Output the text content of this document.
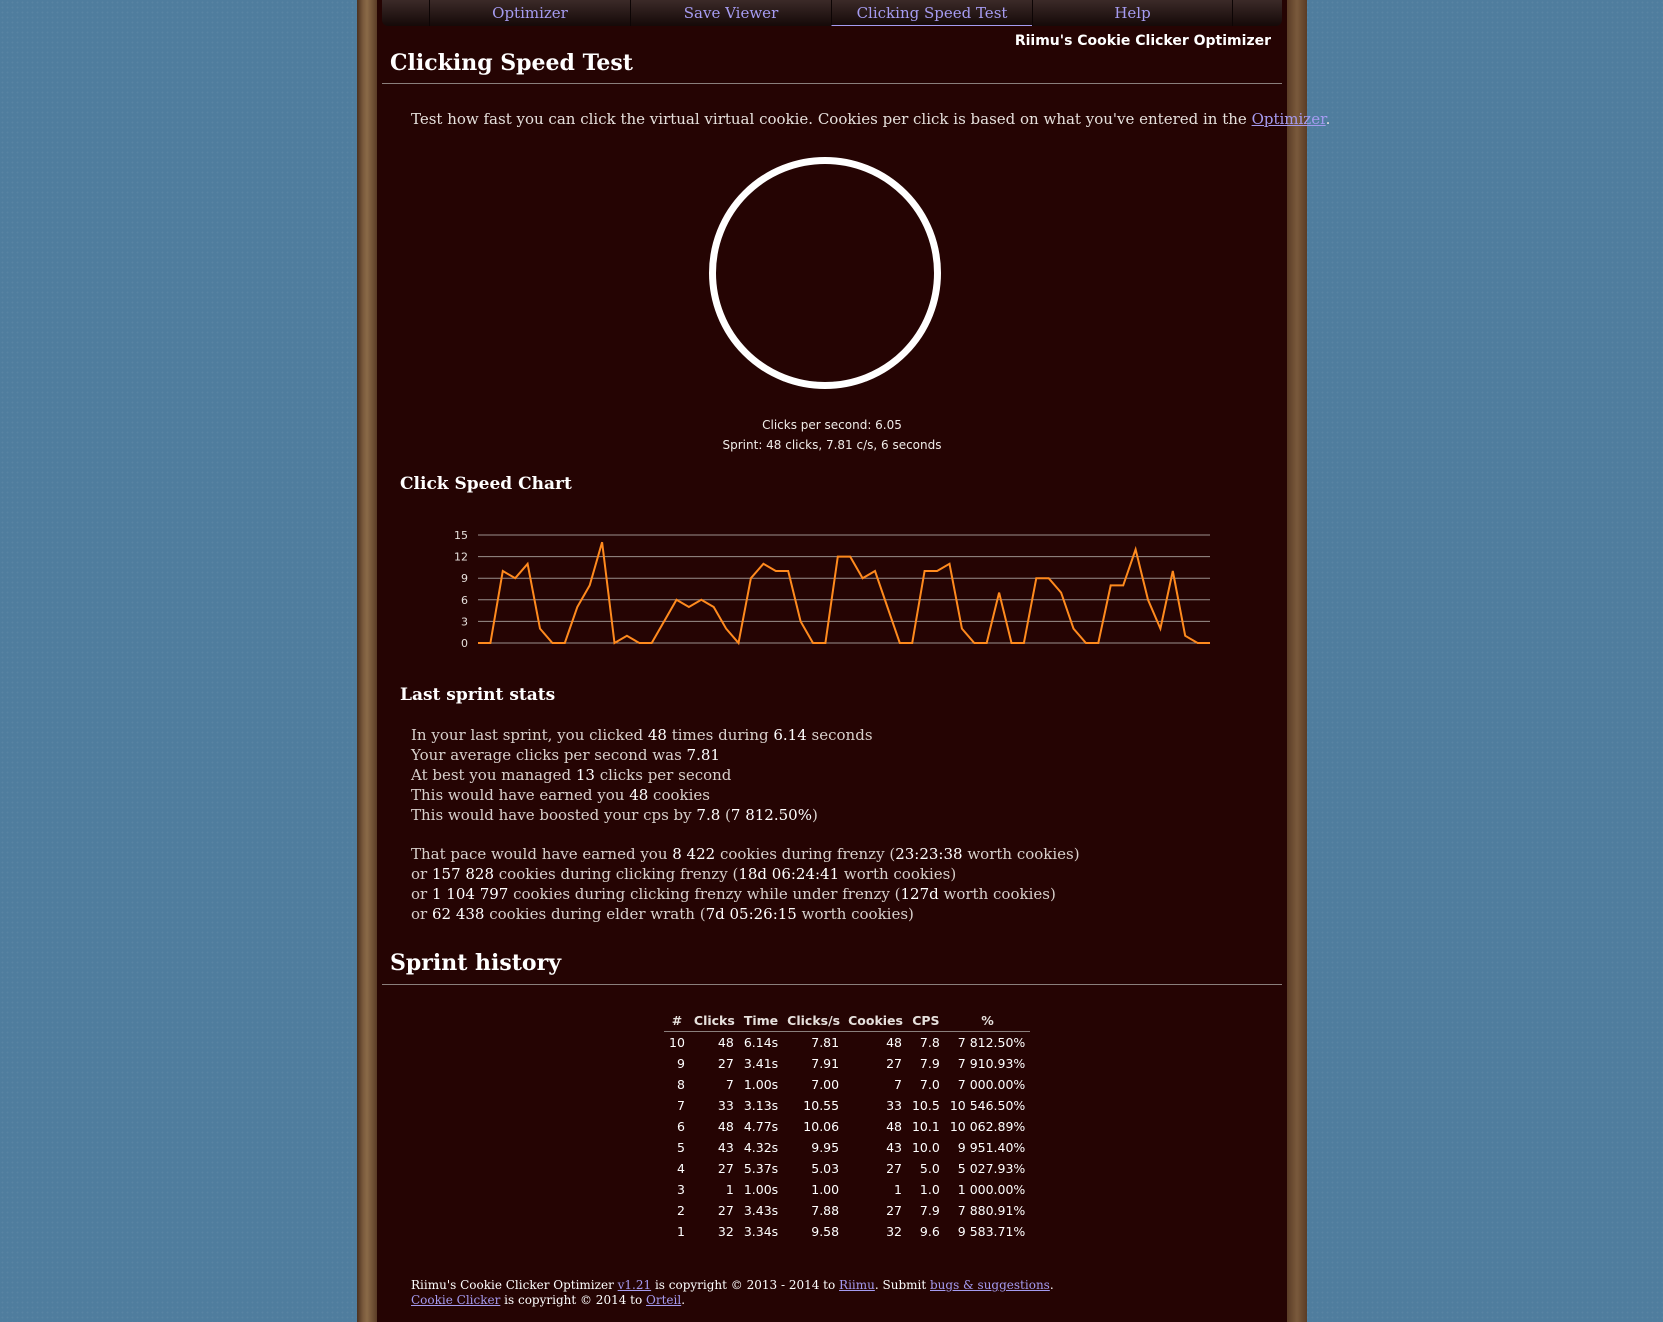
Optimizer	Save Viewer	Clicking Speed Test	Help
Riimu's Cookie Clicker Optimizer
Clicking Speed Test
Test how fast you can click the virtual virtual cookie. Cookies per click is based on what you've entered in the Optimizer.
Clicks per second: 6.05
Sprint: 48 clicks, 7.81 c/s, 6 seconds
Click Speed Chart
0
3
6
9
12
15
Last sprint stats
In your last sprint, you clicked 48 times during 6.14 seconds
Your average clicks per second was 7.81
At best you managed 13 clicks per second
This would have earned you 48 cookies
This would have boosted your cps by 7.8 (7 812.50%)
That pace would have earned you 8 422 cookies during frenzy (23:23:38 worth cookies)
or 157 828 cookies during clicking frenzy (18d 06:24:41 worth cookies)
or 1 104 797 cookies during clicking frenzy while under frenzy (127d worth cookies)
or 62 438 cookies during elder wrath (7d 05:26:15 worth cookies)
Sprint history
#	Clicks	Time	Clicks/s	Cookies	CPS	%
10	48	6.14s	7.81	48	7.8	7 812.50%
9	27	3.41s	7.91	27	7.9	7 910.93%
8	7	1.00s	7.00	7	7.0	7 000.00%
7	33	3.13s	10.55	33	10.5	10 546.50%
6	48	4.77s	10.06	48	10.1	10 062.89%
5	43	4.32s	9.95	43	10.0	9 951.40%
4	27	5.37s	5.03	27	5.0	5 027.93%
3	1	1.00s	1.00	1	1.0	1 000.00%
2	27	3.43s	7.88	27	7.9	7 880.91%
1	32	3.34s	9.58	32	9.6	9 583.71%
Riimu's Cookie Clicker Optimizer v1.21 is copyright © 2013 - 2014 to Riimu. Submit bugs & suggestions.
Cookie Clicker is copyright © 2014 to Orteil.
